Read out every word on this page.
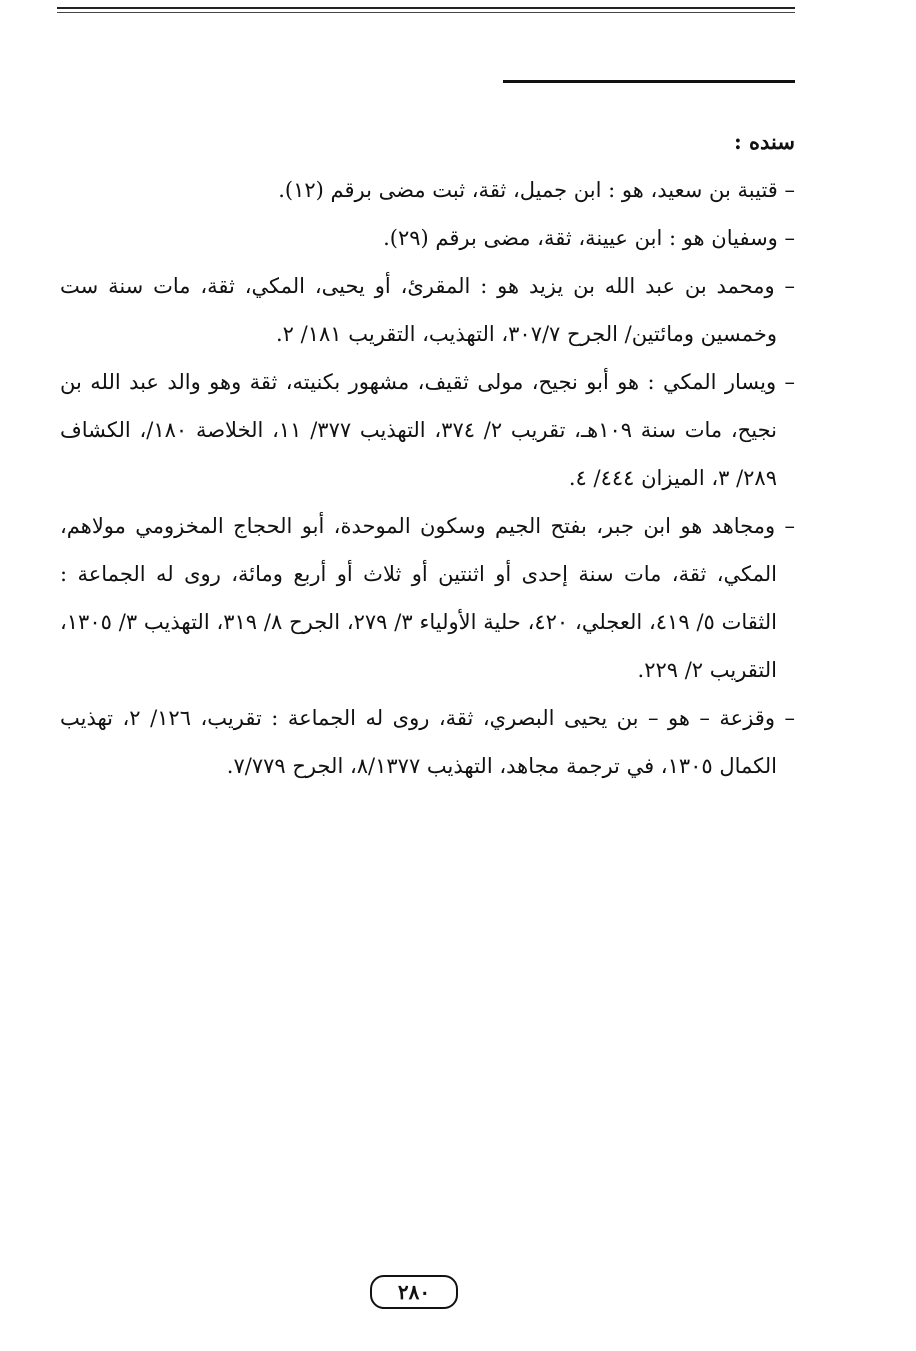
سنده :

– قتيبة بن سعيد، هو : ابن جميل، ثقة، ثبت مضى برقم (١٢).

– وسفيان هو : ابن عيينة، ثقة، مضى برقم (٢٩).

– ومحمد بن عبد الله بن يزيد هو : المقرئ، أو يحيى، المكي، ثقة، مات سنة ست وخمسين ومائتين/ الجرح ٣٠٧/٧، التهذيب، التقريب ١٨١/ ٢.

– ويسار المكي : هو أبو نجيح، مولى ثقيف، مشهور بكنيته، ثقة وهو والد عبد الله بن نجيح، مات سنة ١٠٩هـ، تقريب ٢/ ٣٧٤، التهذيب ٣٧٧/ ١١، الخلاصة ١٨٠/، الكشاف ٢٨٩/ ٣، الميزان ٤٤٤/ ٤.

– ومجاهد هو ابن جبر، بفتح الجيم وسكون الموحدة، أبو الحجاج المخزومي مولاهم، المكي، ثقة، مات سنة إحدى أو اثنتين أو ثلاث أو أربع ومائة، روى له الجماعة : الثقات ٥/ ٤١٩، العجلي، ٤٢٠، حلية الأولياء ٣/ ٢٧٩، الجرح ٨/ ٣١٩، التهذيب ٣/ ١٣٠٥، التقريب ٢/ ٢٢٩.

– وقزعة – هو – بن يحيى البصري، ثقة، روى له الجماعة : تقريب، ١٢٦/ ٢، تهذيب الكمال ١٣٠٥، في ترجمة مجاهد، التهذيب ٨/١٣٧٧، الجرح ٧/٧٧٩.

٢٨٠
